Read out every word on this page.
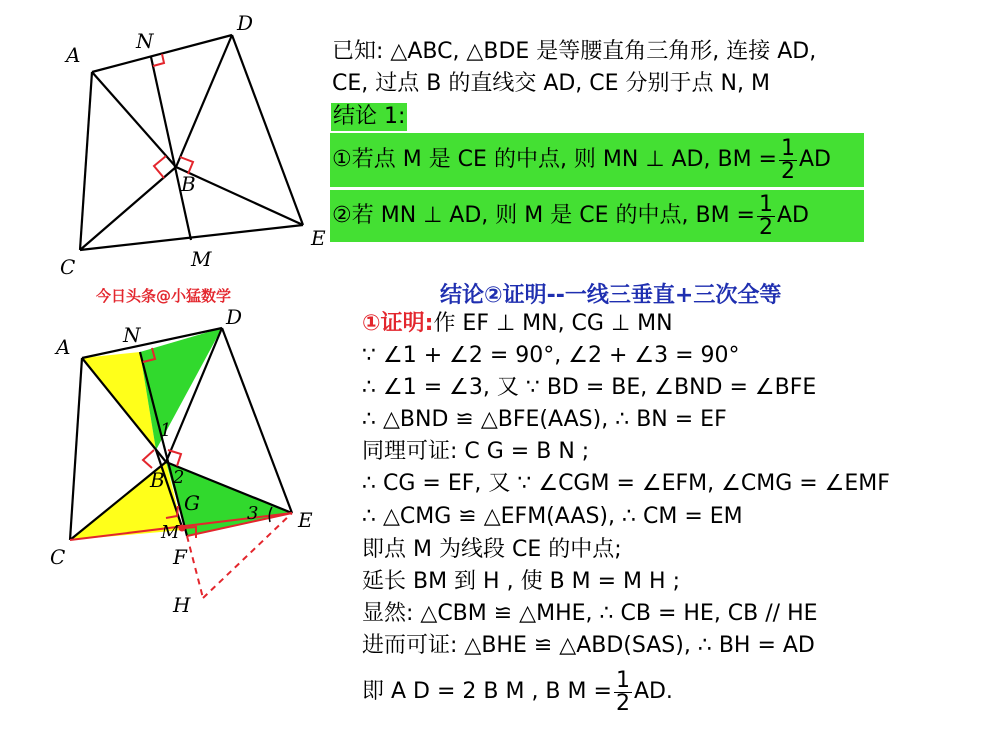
A
N
D
B
C	M
E
今日头条@小猛数学
A	N
D
1
B 2
G	3 E
M
C	F
H
已知: △ABC, △BDE 是等腰直角三角形, 连接 AD,
CE, 过点 B 的直线交 AD, CE 分别于点 N, M
结论 1:
①若点 M 是 CE 的中点, 则 MN ⊥ AD, BM = $\frac{1}{2}$ AD
②若 MN ⊥ AD, 则 M 是 CE 的中点, BM = $\frac{1}{2}$ AD
结论②证明--一线三垂直+三次全等
①证明:作 EF ⊥ MN, CG ⊥ MN
∵ ∠1 + ∠2 = 90°, ∠2 + ∠3 = 90°
∴ ∠1 = ∠3, 又 ∵ BD = BE, ∠BND = ∠BFE
∴ △BND ≌ △BFE(AAS), ∴ BN = EF
同理可证: C G = B N ;
∴ CG = EF, 又 ∵ ∠CGM = ∠EFM, ∠CMG = ∠EMF
∴ △CMG ≌ △EFM(AAS), ∴ CM = EM
即点 M 为线段 CE 的中点;
延长 BM 到 H , 使 B M = M H ;
显然: △CBM ≌ △MHE, ∴ CB = HE, CB // HE
进而可证: △BHE ≌ △ABD(SAS), ∴ BH = AD
即 A D = 2 B M , B $M = \frac{1}{2}$ AD.
